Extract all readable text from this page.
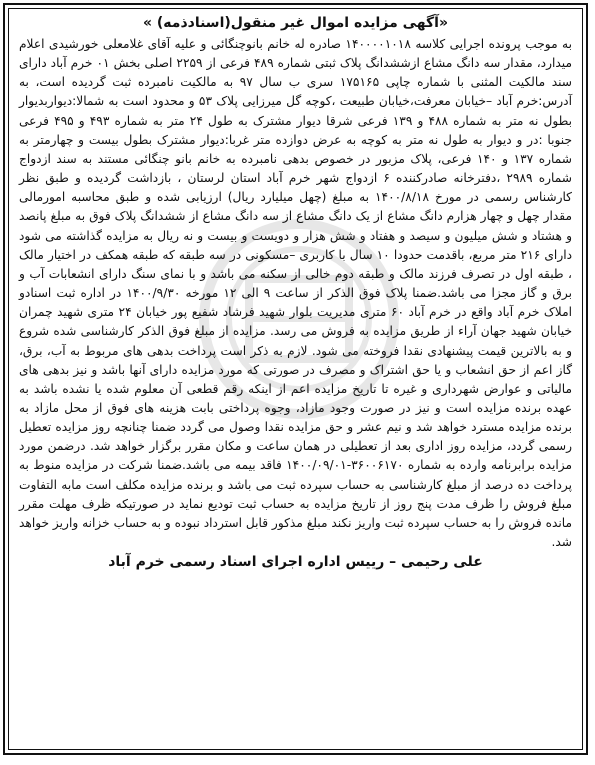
«آگهی مزایده اموال غیر منقول(اسنادذمه) »

به موجب پرونده اجرایی کلاسه ۱۴۰۰۰۰۱۰۱۸ صادره له خانم بانوچنگائی و علیه آقای غلامعلی خورشیدی اعلام میدارد، مقدار سه دانگ مشاع ازششدانگ پلاک ثبتی شماره ۴۸۹ فرعی از ۲۲۵۹ اصلی بخش ۰۱ خرم آباد دارای سند مالکیت المثنی با شماره چاپی ۱۷۵۱۶۵ سری ب سال ۹۷ به مالکیت نامبرده ثبت گردیده است، به آدرس:خرم آباد –خیابان معرفت،خیابان طبیعت ،کوچه گل میرزایی پلاک ۵۳ و محدود است به شمالا:دیواربدیوار بطول نه متر به شماره ۴۸۸ و ۱۳۹ فرعی شرقا دیوار مشترک به طول ۲۴ متر به شماره ۴۹۳ و ۴۹۵ فرعی جنوبا :در و دیوار به طول نه متر به کوچه به عرض دوازده متر غربا:دیوار مشترک بطول بیست و چهارمتر به شماره ۱۳۷ و ۱۴۰ فرعی، پلاک مزبور در خصوص بدهی نامبرده به خانم بانو چنگائی مستند به سند ازدواج شماره ۲۹۸۹ ،دفترخانه صادرکننده ۶ ازدواج شهر خرم آباد استان لرستان ، بازداشت گردیده و طبق نظر کارشناس رسمی در مورخ ۱۴۰۰/۸/۱۸ به مبلغ (چهل میلیارد ریال) ارزیابی شده و طبق محاسبه امورمالی مقدار چهل و چهار هزارم دانگ مشاع از یک دانگ مشاع از سه دانگ مشاع از ششدانگ پلاک فوق به مبلغ پانصد و هشتاد و شش میلیون و سیصد و هفتاد و شش هزار و دویست و بیست و نه ریال به مزایده گذاشته می شود دارای ۲۱۶ متر مربع، باقدمت حدودا ۱۰ سال با کاربری –مسکونی در سه طبقه که طبقه همکف در اختیار مالک ، طبقه اول در تصرف فرزند مالک و طبقه دوم خالی از سکنه می باشد و با نمای سنگ دارای انشعابات آب و برق و گاز مجزا می باشد.ضمنا پلاک فوق الذکر از ساعت ۹ الی ۱۲ مورخه ۱۴۰۰/۹/۳۰ در اداره ثبت اسنادو املاک خرم آباد واقع در خرم آباد ۶۰ متری مدیریت بلوار شهید فرشاد شفیع پور خیابان ۲۴ متری شهید چمران خیابان شهید جهان آراء از طریق مزایده به فروش می رسد. مزایده از مبلغ فوق الذکر کارشناسی شده شروع و به بالاترین قیمت پیشنهادی نقدا فروخته می شود. لازم به ذکر است پرداخت بدهی های مربوط به آب، برق، گاز اعم از حق انشعاب و یا حق اشتراک و مصرف در صورتی که مورد مزایده دارای آنها باشد و نیز بدهی های مالیاتی و عوارض شهرداری و غیره تا تاریخ مزایده اعم از اینکه رقم قطعی آن معلوم شده یا نشده باشد به عهده برنده مزایده است و نیز در صورت وجود مازاد، وجوه پرداختی بابت هزینه های فوق از محل مازاد به برنده مزایده مسترد خواهد شد و نیم عشر و حق مزایده نقدا وصول می گردد ضمنا چنانچه روز مزایده تعطیل رسمی گردد، مزایده روز اداری بعد از تعطیلی در همان ساعت و مکان مقرر برگزار خواهد شد. درضمن مورد مزایده برابرنامه وارده به شماره ۳۶۰۰۶۱۷۰-۱۴۰۰/۰۹/۰۱ فاقد بیمه می باشد.ضمنا شرکت در مزایده منوط به پرداخت ده درصد از مبلغ کارشناسی به حساب سپرده ثبت می باشد و برنده مزایده مکلف است مابه التفاوت مبلغ فروش را ظرف مدت پنج روز از تاریخ مزایده به حساب ثبت تودیع نماید در صورتیکه ظرف مهلت مقرر مانده فروش را به حساب سپرده ثبت واریز نکند مبلغ مذکور قابل استرداد نبوده و به حساب خزانه واریز خواهد شد.

علی رحیمی – رییس اداره اجرای اسناد رسمی خرم آباد
